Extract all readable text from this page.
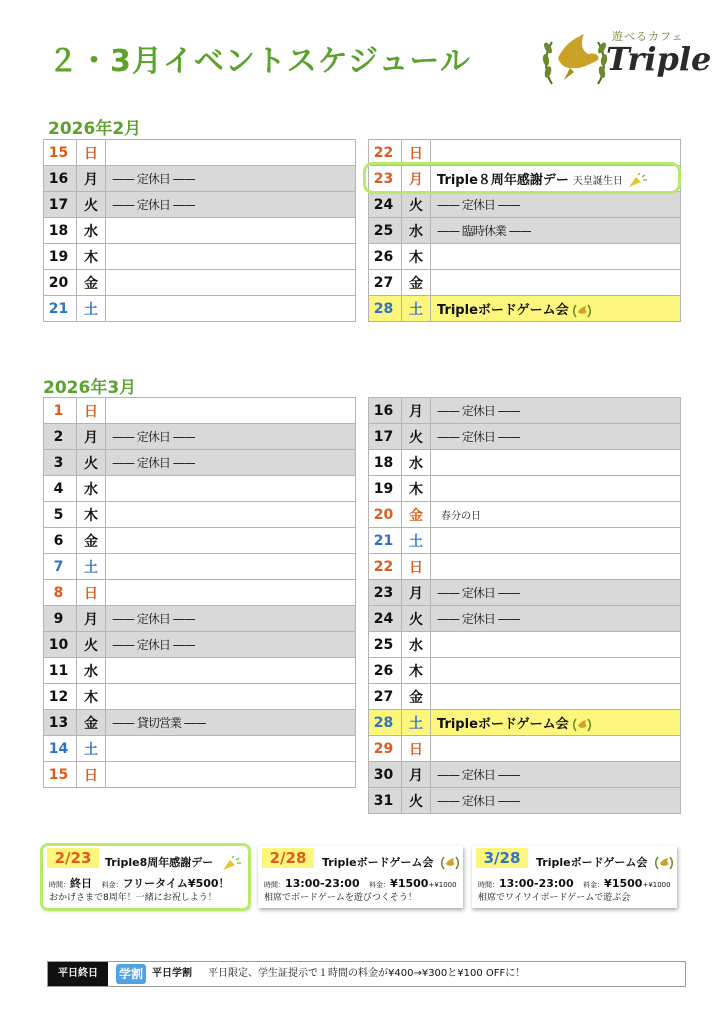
２・3月イベントスケジュール
遊べるカフェ
Triple
2026年2月
15	日	
16	月	—— 定休日 ——
17	火	—— 定休日 ——
18	水	
19	木	
20	金	
21	土	
22	日	
23	月	Triple８周年感謝デー 天皇誕生日
24	火	—— 定休日 ——
25	水	—— 臨時休業 ——
26	木	
27	金	
28	土	Tripleボードゲーム会
2026年3月
1	日	
2	月	—— 定休日 ——
3	火	—— 定休日 ——
4	水	
5	木	
6	金	
7	土	
8	日	
9	月	—— 定休日 ——
10	火	—— 定休日 ——
11	水	
12	木	
13	金	—— 貸切営業 ——
14	土	
15	日	
16	月	—— 定休日 ——
17	火	—— 定休日 ——
18	水	
19	木	
20	金	春分の日
21	土	
22	日	
23	月	—— 定休日 ——
24	火	—— 定休日 ——
25	水	
26	木	
27	金	
28	土	Tripleボードゲーム会
29	日	
30	月	—— 定休日 ——
31	火	—— 定休日 ——
2/23	Triple8周年感謝デー
時間：終日 料金：フリータイム¥500！
おかげさまで8周年！一緒にお祝しよう！
2/28	Tripleボードゲーム会
時間：13:00-23:00 料金：¥1500+¥1000
相席でボードゲームを遊びつくそう！
3/28	Tripleボードゲーム会
時間：13:00-23:00 料金：¥1500+¥1000
相席でワイワイボードゲームで遊ぶ会
平日終日	学割 平日学割 平日限定、学生証提示で１時間の料金が¥400→¥300と¥100 OFFに！
